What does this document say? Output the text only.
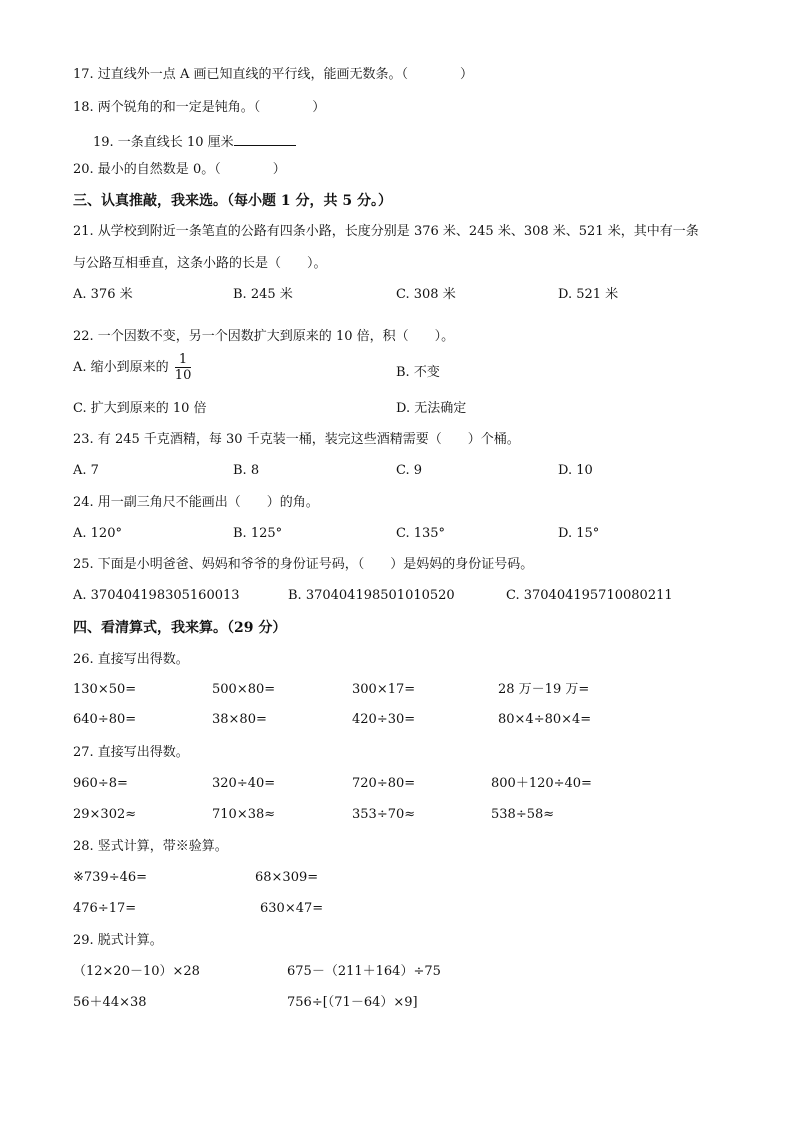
17. 过直线外一点 A 画已知直线的平行线，能画无数条。（　　　　）
18. 两个锐角的和一定是钝角。（　　　　）
19. 一条直线长 10 厘米
20. 最小的自然数是 0。（　　　　）
三、认真推敲，我来选。（每小题 1 分，共 5 分。）
21. 从学校到附近一条笔直的公路有四条小路，长度分别是 376 米、245 米、308 米、521 米，其中有一条
与公路互相垂直，这条小路的长是（　　）。
A. 376 米	B. 245 米	C. 308 米	D. 521 米
22. 一个因数不变，另一个因数扩大到原来的 10 倍，积（　　）。
A. 缩小到原来的 $\frac{1}{10}$	B. 不变
C. 扩大到原来的 10 倍	D. 无法确定
23. 有 245 千克酒精，每 30 千克装一桶，装完这些酒精需要（　　）个桶。
A. 7	B. 8	C. 9	D. 10
24. 用一副三角尺不能画出（　　）的角。
A. 120°	B. 125°	C. 135°	D. 15°
25. 下面是小明爸爸、妈妈和爷爷的身份证号码，（　　）是妈妈的身份证号码。
A. 370404198305160013	B. 370404198501010520	C. 370404195710080211
四、看清算式，我来算。（29 分）
26. 直接写出得数。
130×50=	500×80=	300×17=	28 万－19 万=
640÷80=	38×80=	420÷30=	80×4÷80×4=
27. 直接写出得数。
960÷8=	320÷40=	720÷80=	800＋120÷40=
29×302≈	710×38≈	353÷70≈	538÷58≈
28. 竖式计算，带※验算。
※739÷46=	68×309=
476÷17=	630×47=
29. 脱式计算。
（12×20－10）×28	675－（211＋164）÷75
56＋44×38	756÷[（71－64）×9]
